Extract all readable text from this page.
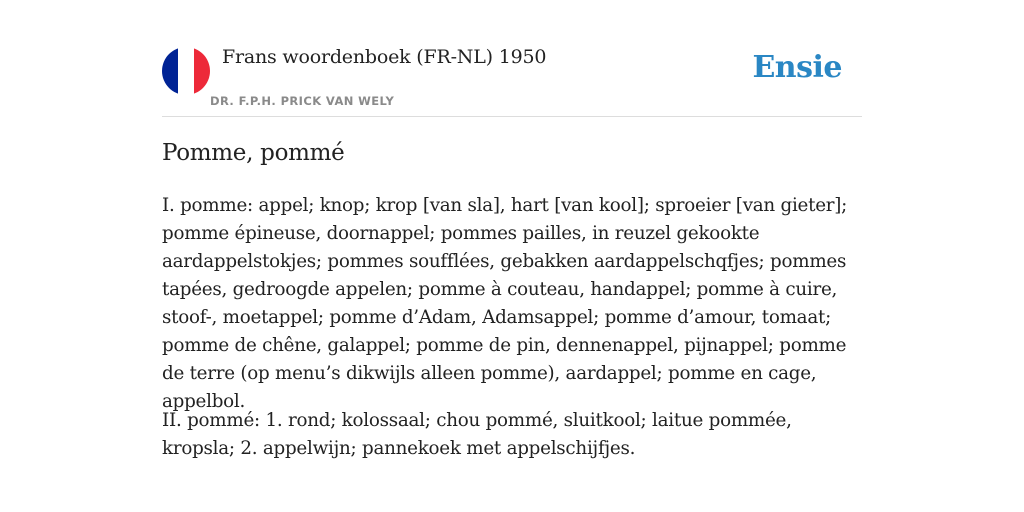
Frans woordenboek (FR-NL) 1950
DR. F.P.H. PRICK VAN WELY
Ensie
Pomme, pommé

I. pomme: appel; knop; krop [van sla], hart [van kool]; sproeier [van gieter]; pomme épineuse, doornappel; pommes pailles, in reuzel gekookte aardappelstokjes; pommes soufflées, gebakken aardappelschqfjes; pommes tapées, gedroogde appelen; pomme à couteau, handappel; pomme à cuire, stoof-, moetappel; pomme d’Adam, Adamsappel; pomme d’amour, tomaat; pomme de chêne, galappel; pomme de pin, dennenappel, pijnappel; pomme de terre (op menu’s dikwijls alleen pomme), aardappel; pomme en cage, appelbol.

II. pommé: 1. rond; kolossaal; chou pommé, sluitkool; laitue pommée, kropsla; 2. appelwijn; pannekoek met appelschijfjes.
